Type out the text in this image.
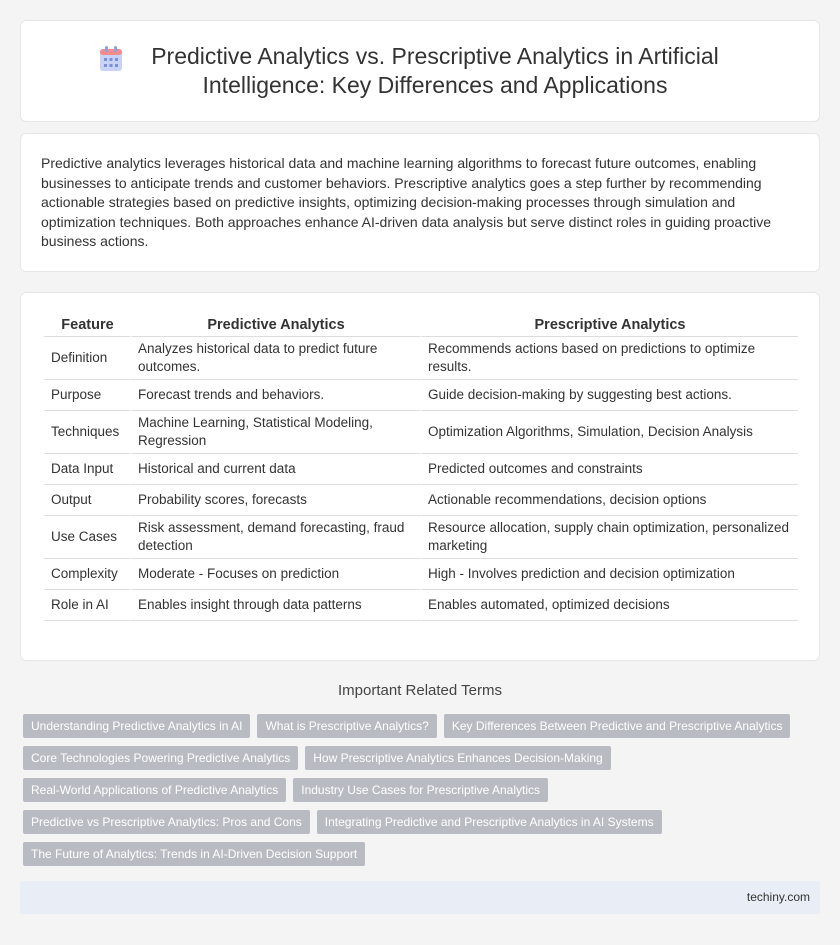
Predictive Analytics vs. Prescriptive Analytics in Artificial Intelligence: Key Differences and Applications

Predictive analytics leverages historical data and machine learning algorithms to forecast future outcomes, enabling businesses to anticipate trends and customer behaviors. Prescriptive analytics goes a step further by recommending actionable strategies based on predictive insights, optimizing decision-making processes through simulation and optimization techniques. Both approaches enhance AI-driven data analysis but serve distinct roles in guiding proactive business actions.

Feature	Predictive Analytics	Prescriptive Analytics
Definition	Analyzes historical data to predict future outcomes.	Recommends actions based on predictions to optimize results.
Purpose	Forecast trends and behaviors.	Guide decision-making by suggesting best actions.
Techniques	Machine Learning, Statistical Modeling, Regression	Optimization Algorithms, Simulation, Decision Analysis
Data Input	Historical and current data	Predicted outcomes and constraints
Output	Probability scores, forecasts	Actionable recommendations, decision options
Use Cases	Risk assessment, demand forecasting, fraud detection	Resource allocation, supply chain optimization, personalized marketing
Complexity	Moderate - Focuses on prediction	High - Involves prediction and decision optimization
Role in AI	Enables insight through data patterns	Enables automated, optimized decisions
Important Related Terms
Understanding Predictive Analytics in AI	What is Prescriptive Analytics?	Key Differences Between Predictive and Prescriptive Analytics
Core Technologies Powering Predictive Analytics	How Prescriptive Analytics Enhances Decision-Making
Real-World Applications of Predictive Analytics	Industry Use Cases for Prescriptive Analytics
Predictive vs Prescriptive Analytics: Pros and Cons	Integrating Predictive and Prescriptive Analytics in AI Systems
The Future of Analytics: Trends in AI-Driven Decision Support
techiny.com
